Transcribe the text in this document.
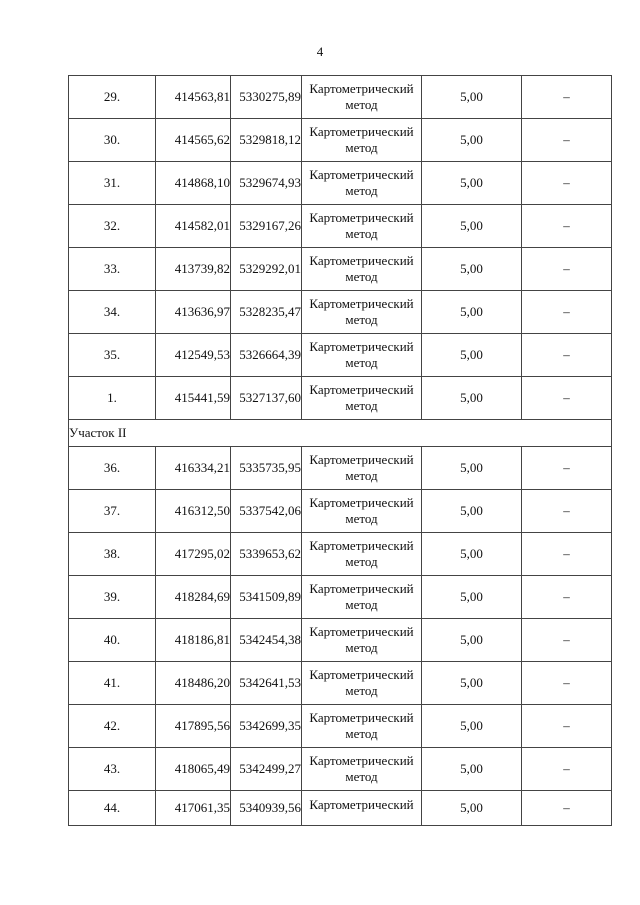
4
29.	414563,81	5330275,89	Картометрический метод	5,00	–
30.	414565,62	5329818,12	Картометрический метод	5,00	–
31.	414868,10	5329674,93	Картометрический метод	5,00	–
32.	414582,01	5329167,26	Картометрический метод	5,00	–
33.	413739,82	5329292,01	Картометрический метод	5,00	–
34.	413636,97	5328235,47	Картометрический метод	5,00	–
35.	412549,53	5326664,39	Картометрический метод	5,00	–
1.	415441,59	5327137,60	Картометрический метод	5,00	–
Участок II					
36.	416334,21	5335735,95	Картометрический метод	5,00	–
37.	416312,50	5337542,06	Картометрический метод	5,00	–
38.	417295,02	5339653,62	Картометрический метод	5,00	–
39.	418284,69	5341509,89	Картометрический метод	5,00	–
40.	418186,81	5342454,38	Картометрический метод	5,00	–
41.	418486,20	5342641,53	Картометрический метод	5,00	–
42.	417895,56	5342699,35	Картометрический метод	5,00	–
43.	418065,49	5342499,27	Картометрический метод	5,00	–
44.	417061,35	5340939,56	Картометрический	5,00	–
